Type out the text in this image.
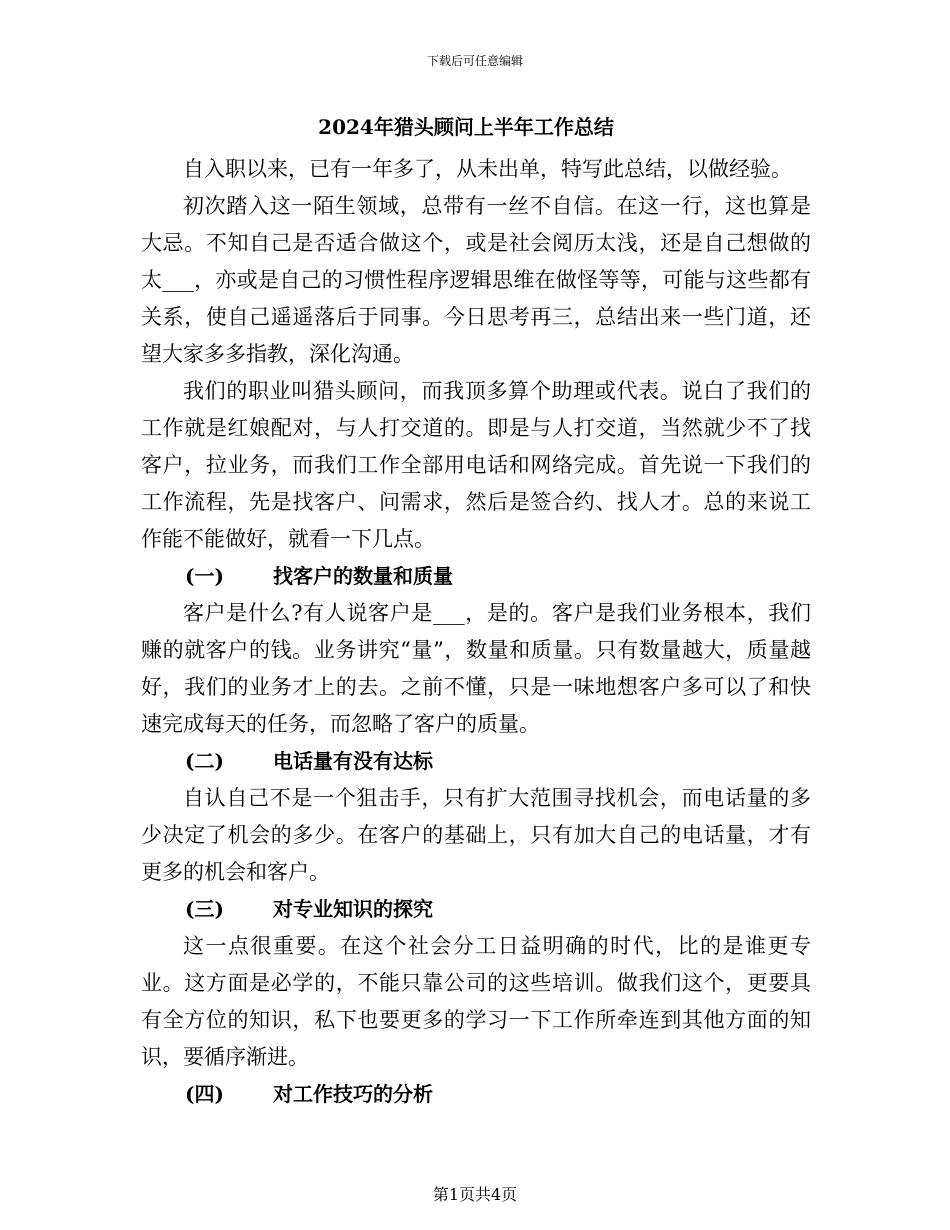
下载后可任意编辑
2024年猎头顾问上半年工作总结

自入职以来，已有一年多了，从未出单，特写此总结，以做经验。

初次踏入这一陌生领域，总带有一丝不自信。在这一行，这也算是大忌。不知自己是否适合做这个，或是社会阅历太浅，还是自己想做的太___，亦或是自己的习惯性程序逻辑思维在做怪等等，可能与这些都有关系，使自己遥遥落后于同事。今日思考再三，总结出来一些门道，还望大家多多指教，深化沟通。

我们的职业叫猎头顾问，而我顶多算个助理或代表。说白了我们的工作就是红娘配对，与人打交道的。即是与人打交道，当然就少不了找客户，拉业务，而我们工作全部用电话和网络完成。首先说一下我们的工作流程，先是找客户、问需求，然后是签合约、找人才。总的来说工作能不能做好，就看一下几点。

(一) 找客户的数量和质量

客户是什么?有人说客户是___，是的。客户是我们业务根本，我们赚的就客户的钱。业务讲究“量”，数量和质量。只有数量越大，质量越好，我们的业务才上的去。之前不懂，只是一味地想客户多可以了和快速完成每天的任务，而忽略了客户的质量。

(二) 电话量有没有达标

自认自己不是一个狙击手，只有扩大范围寻找机会，而电话量的多少决定了机会的多少。在客户的基础上，只有加大自己的电话量，才有更多的机会和客户。

(三) 对专业知识的探究

这一点很重要。在这个社会分工日益明确的时代，比的是谁更专业。这方面是必学的，不能只靠公司的这些培训。做我们这个，更要具有全方位的知识，私下也要更多的学习一下工作所牵连到其他方面的知识，要循序渐进。

(四) 对工作技巧的分析
第1页共4页
